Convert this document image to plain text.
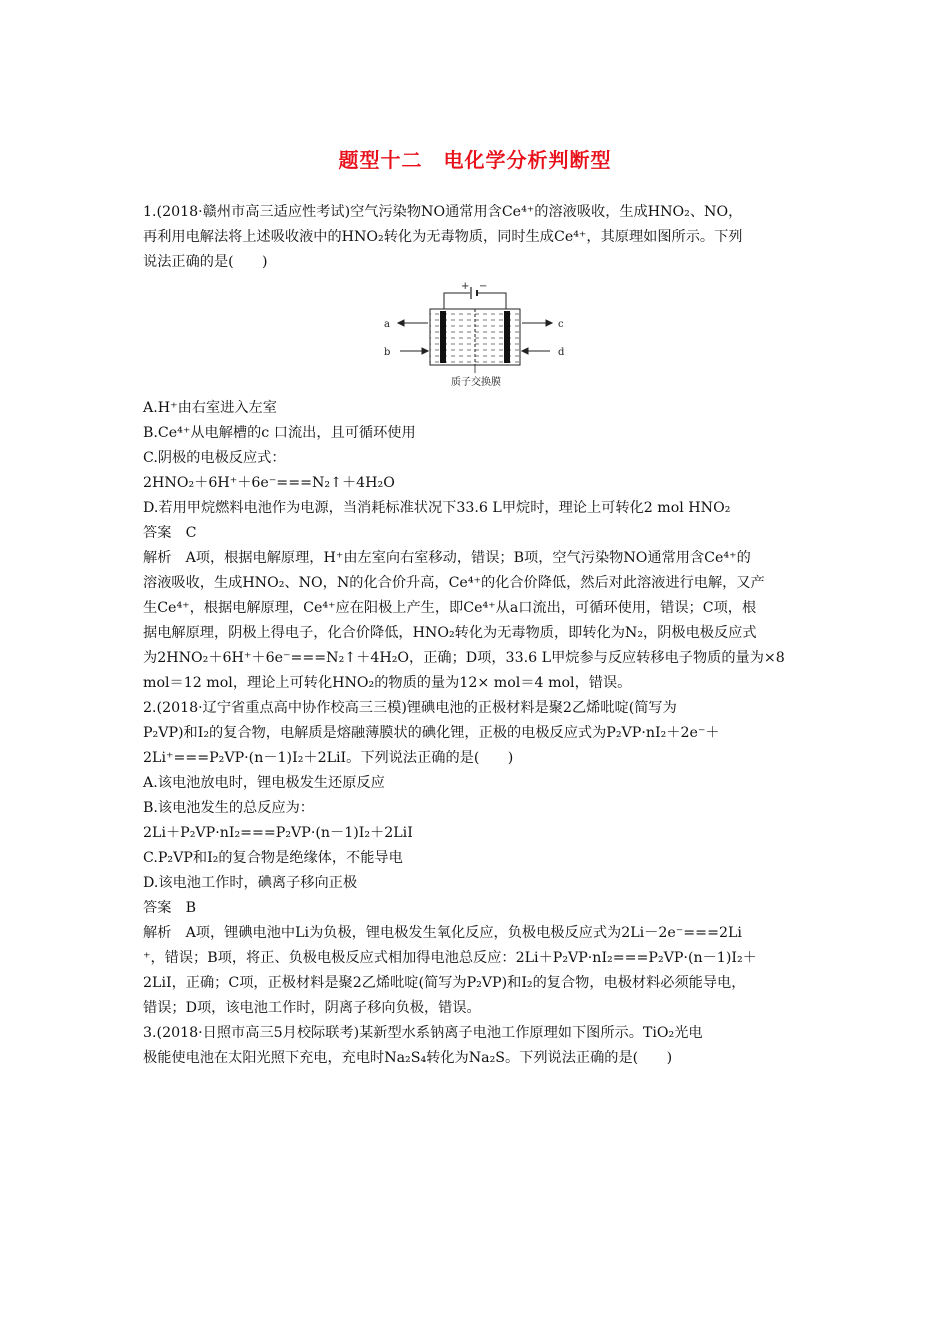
题型十二　电化学分析判断型
1.(2018·赣州市高三适应性考试)空气污染物NO通常用含Ce⁴⁺的溶液吸收，生成HNO₂、NO，
再利用电解法将上述吸收液中的HNO₂转化为无毒物质，同时生成Ce⁴⁺，其原理如图所示。下列
说法正确的是(　　)
+ −
a
b
c
d
质子交换膜
A.H⁺由右室进入左室
B.Ce⁴⁺从电解槽的c 口流出，且可循环使用
C.阴极的电极反应式：
2HNO₂＋6H⁺＋6e⁻===N₂↑＋4H₂O
D.若用甲烷燃料电池作为电源，当消耗标准状况下33.6 L甲烷时，理论上可转化2 mol HNO₂
答案　C
解析　A项，根据电解原理，H⁺由左室向右室移动，错误；B项，空气污染物NO通常用含Ce⁴⁺的
溶液吸收，生成HNO₂、NO，N的化合价升高，Ce⁴⁺的化合价降低，然后对此溶液进行电解，又产
生Ce⁴⁺，根据电解原理，Ce⁴⁺应在阳极上产生，即Ce⁴⁺从a口流出，可循环使用，错误；C项，根
据电解原理，阴极上得电子，化合价降低，HNO₂转化为无毒物质，即转化为N₂，阴极电极反应式
为2HNO₂＋6H⁺＋6e⁻===N₂↑＋4H₂O，正确；D项，33.6 L甲烷参与反应转移电子物质的量为×8
mol＝12 mol，理论上可转化HNO₂的物质的量为12× mol＝4 mol，错误。
2.(2018·辽宁省重点高中协作校高三三模)锂碘电池的正极材料是聚2乙烯吡啶(简写为
P₂VP)和I₂的复合物，电解质是熔融薄膜状的碘化锂，正极的电极反应式为P₂VP·nI₂＋2e⁻＋
2Li⁺===P₂VP·(n－1)I₂＋2LiI。下列说法正确的是(　　)
A.该电池放电时，锂电极发生还原反应
B.该电池发生的总反应为：
2Li＋P₂VP·nI₂===P₂VP·(n－1)I₂＋2LiI
C.P₂VP和I₂的复合物是绝缘体，不能导电
D.该电池工作时，碘离子移向正极
答案　B
解析　A项，锂碘电池中Li为负极，锂电极发生氧化反应，负极电极反应式为2Li－2e⁻===2Li
⁺，错误；B项，将正、负极电极反应式相加得电池总反应：2Li＋P₂VP·nI₂===P₂VP·(n－1)I₂＋
2LiI，正确；C项，正极材料是聚2乙烯吡啶(简写为P₂VP)和I₂的复合物，电极材料必须能导电，
错误；D项，该电池工作时，阴离子移向负极，错误。
3.(2018·日照市高三5月校际联考)某新型水系钠离子电池工作原理如下图所示。TiO₂光电
极能使电池在太阳光照下充电，充电时Na₂S₄转化为Na₂S。下列说法正确的是(　　)
